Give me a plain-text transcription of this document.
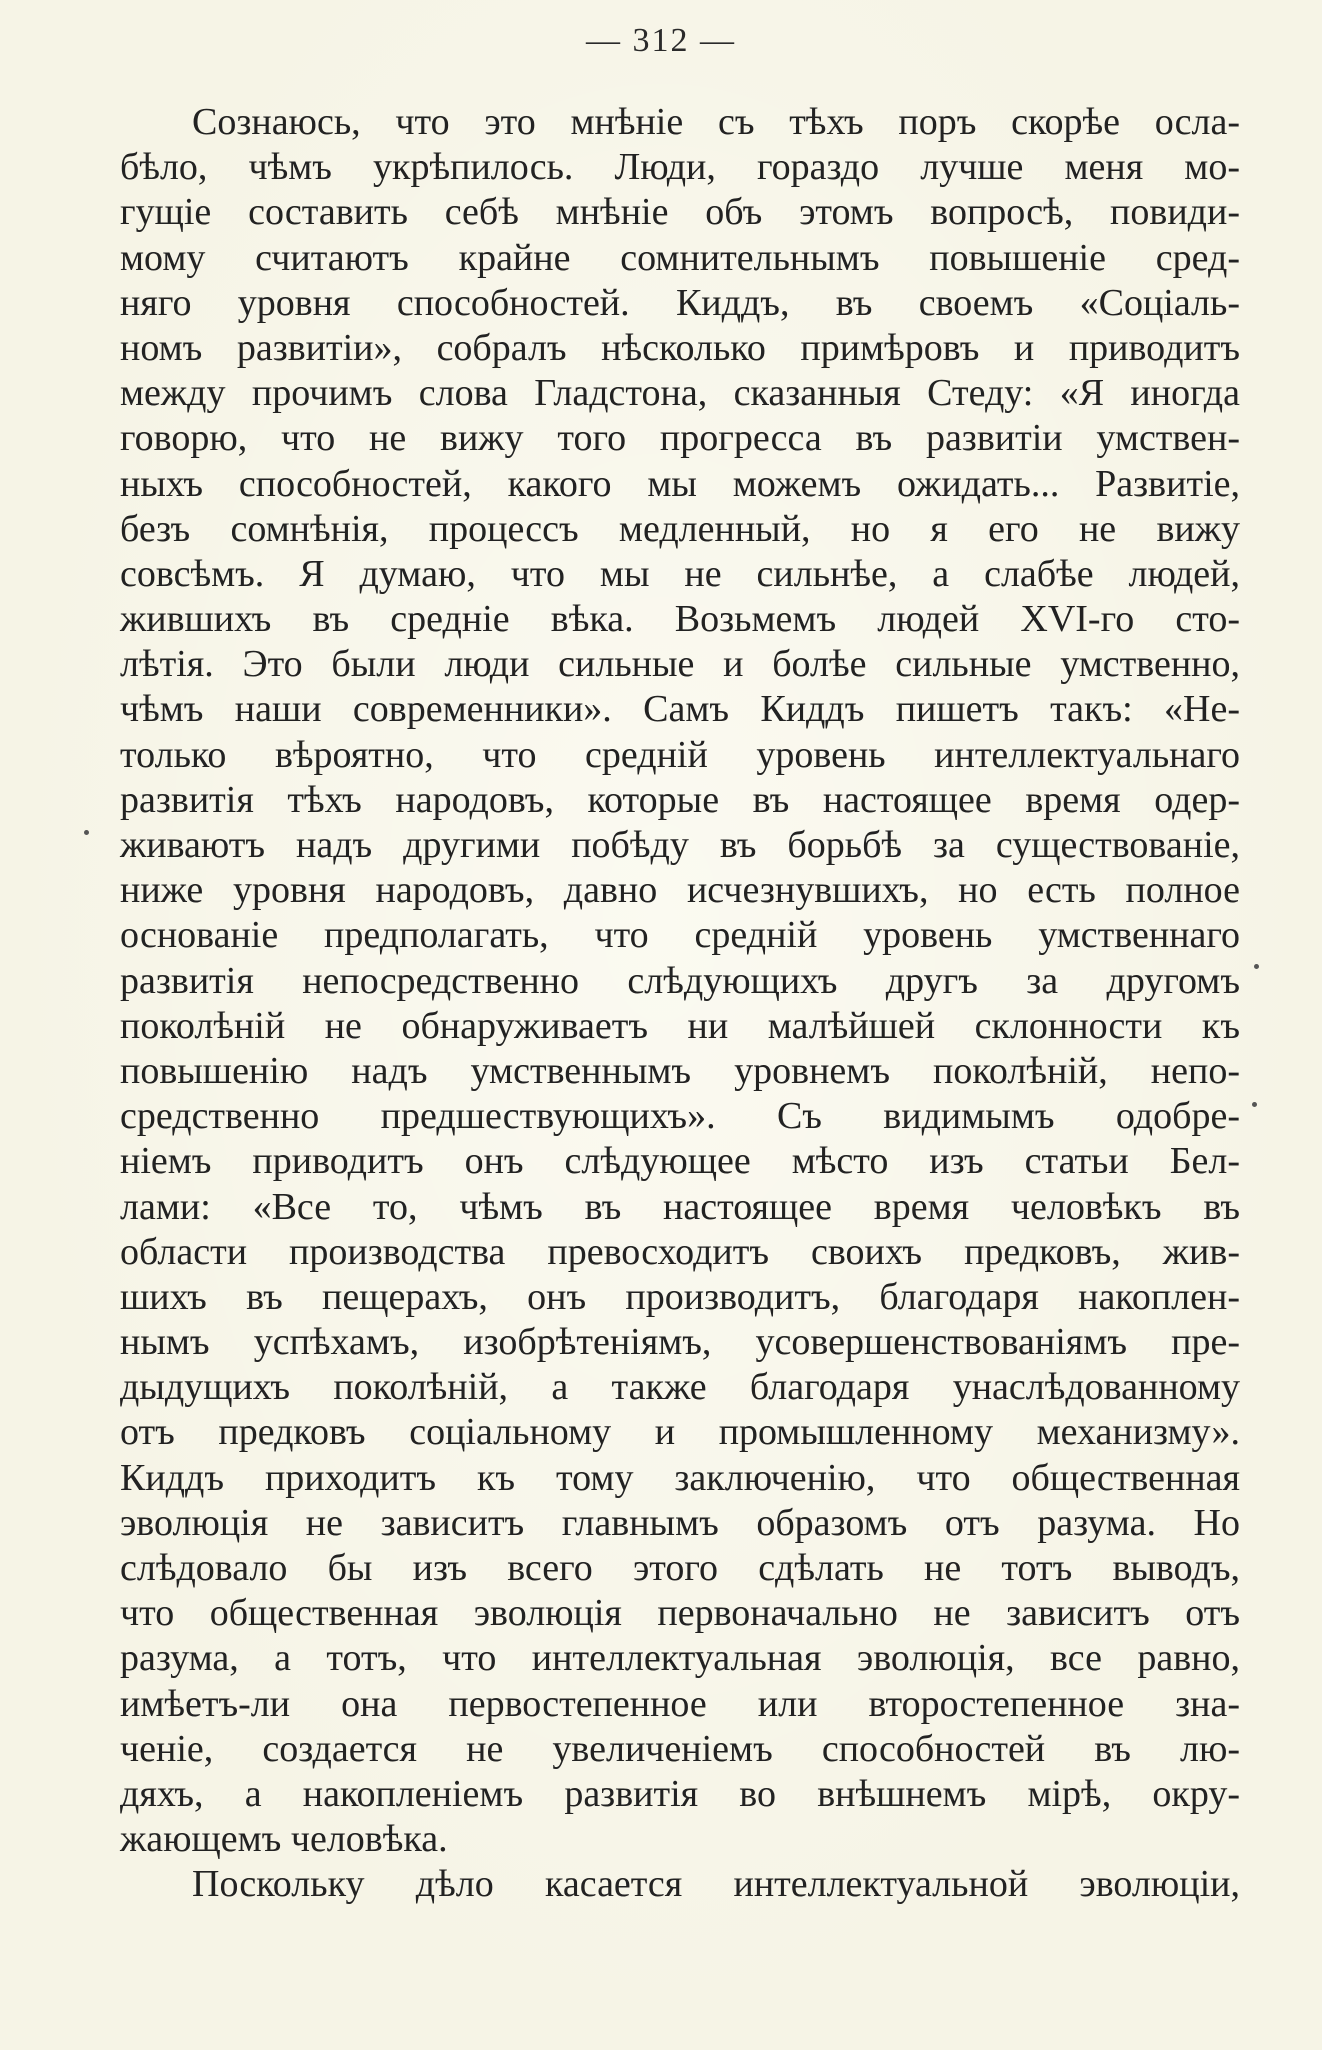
— 312 —
Сознаюсь, что это мнѣніе съ тѣхъ поръ скорѣе осла-
бѣло, чѣмъ укрѣпилось. Люди, гораздо лучше меня мо-
гущіе составить себѣ мнѣніе объ этомъ вопросѣ, повиди-
мому считаютъ крайне сомнительнымъ повышеніе сред-
няго уровня способностей. Киддъ, въ своемъ «Соціаль-
номъ развитіи», собралъ нѣсколько примѣровъ и приводитъ
между прочимъ слова Гладстона, сказанныя Стеду: «Я иногда
говорю, что не вижу того прогресса въ развитіи умствен-
ныхъ способностей, какого мы можемъ ожидать... Развитіе,
безъ сомнѣнія, процессъ медленный, но я его не вижу
совсѣмъ. Я думаю, что мы не сильнѣе, а слабѣе людей,
жившихъ въ средніе вѣка. Возьмемъ людей XVI-го сто-
лѣтія. Это были люди сильные и болѣе сильные умственно,
чѣмъ наши современники». Самъ Киддъ пишетъ такъ: «Не-
только вѣроятно, что средній уровень интеллектуальнаго
развитія тѣхъ народовъ, которые въ настоящее время одер-
живаютъ надъ другими побѣду въ борьбѣ за существованіе,
ниже уровня народовъ, давно исчезнувшихъ, но есть полное
основаніе предполагать, что средній уровень умственнаго
развитія непосредственно слѣдующихъ другъ за другомъ
поколѣній не обнаруживаетъ ни малѣйшей склонности къ
повышенію надъ умственнымъ уровнемъ поколѣній, непо-
средственно предшествующихъ». Съ видимымъ одобре-
ніемъ приводитъ онъ слѣдующее мѣсто изъ статьи Бел-
лами: «Все то, чѣмъ въ настоящее время человѣкъ въ
области производства превосходитъ своихъ предковъ, жив-
шихъ въ пещерахъ, онъ производитъ, благодаря накоплен-
нымъ успѣхамъ, изобрѣтеніямъ, усовершенствованіямъ пре-
дыдущихъ поколѣній, а также благодаря унаслѣдованному
отъ предковъ соціальному и промышленному механизму».
Киддъ приходитъ къ тому заключенію, что общественная
эволюція не зависитъ главнымъ образомъ отъ разума. Но
слѣдовало бы изъ всего этого сдѣлать не тотъ выводъ,
что общественная эволюція первоначально не зависитъ отъ
разума, а тотъ, что интеллектуальная эволюція, все равно,
имѣетъ-ли она первостепенное или второстепенное зна-
ченіе, создается не увеличеніемъ способностей въ лю-
дяхъ, а накопленіемъ развитія во внѣшнемъ мірѣ, окру-
жающемъ человѣка.
Поскольку дѣло касается интеллектуальной эволюціи,
